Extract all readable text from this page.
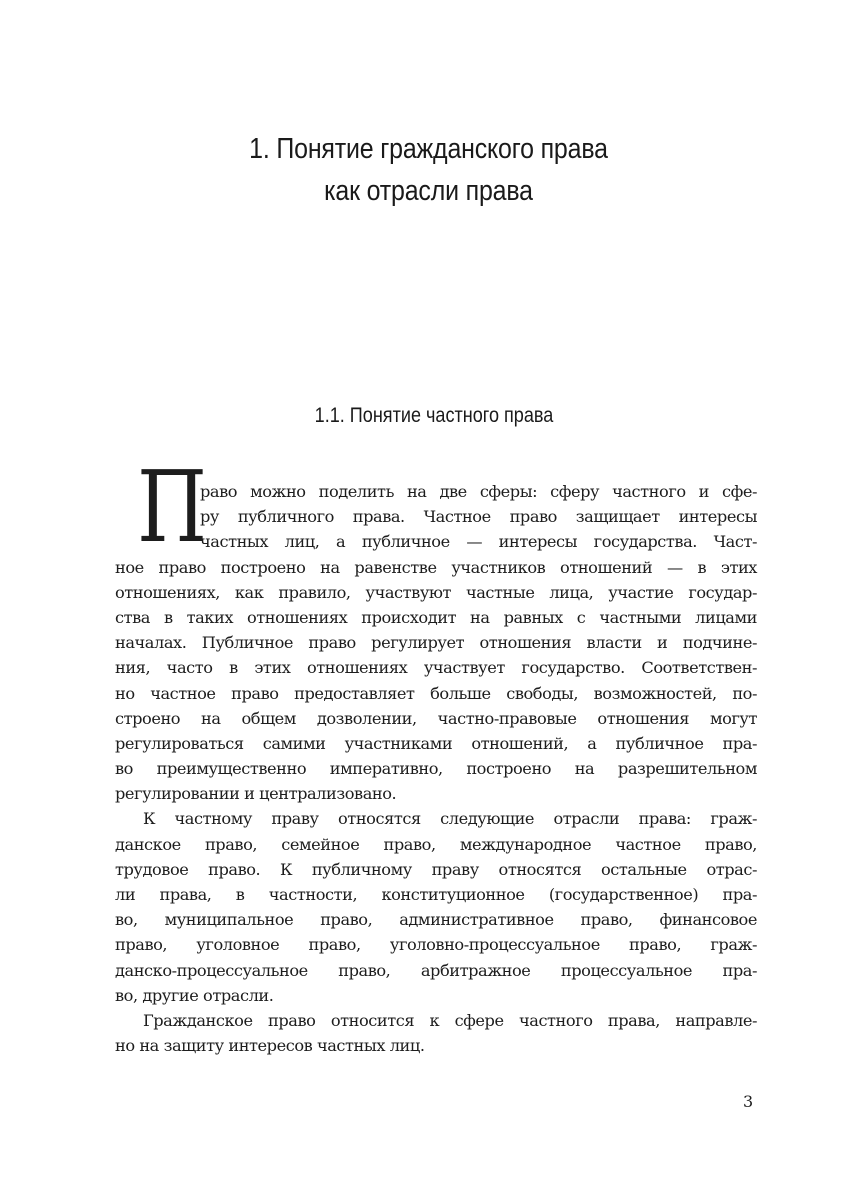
1. Понятие гражданского права
как отрасли права
1.1. Понятие частного права
П
раво можно поделить на две сферы: сферу частного и сфе-
ру публичного права. Частное право защищает интересы
частных лиц, а публичное — интересы государства. Част-
ное право построено на равенстве участников отношений — в этих
отношениях, как правило, участвуют частные лица, участие государ-
ства в таких отношениях происходит на равных с частными лицами
началах. Публичное право регулирует отношения власти и подчине-
ния, часто в этих отношениях участвует государство. Соответствен-
но частное право предоставляет больше свободы, возможностей, по-
строено на общем дозволении, частно-правовые отношения могут
регулироваться самими участниками отношений, а публичное пра-
во преимущественно императивно, построено на разрешительном
регулировании и централизовано.
К частному праву относятся следующие отрасли права: граж-
данское право, семейное право, международное частное право,
трудовое право. К публичному праву относятся остальные отрас-
ли права, в частности, конституционное (государственное) пра-
во, муниципальное право, административное право, финансовое
право, уголовное право, уголовно-процессуальное право, граж-
данско-процессуальное право, арбитражное процессуальное пра-
во, другие отрасли.
Гражданское право относится к сфере частного права, направле-
но на защиту интересов частных лиц.
3
